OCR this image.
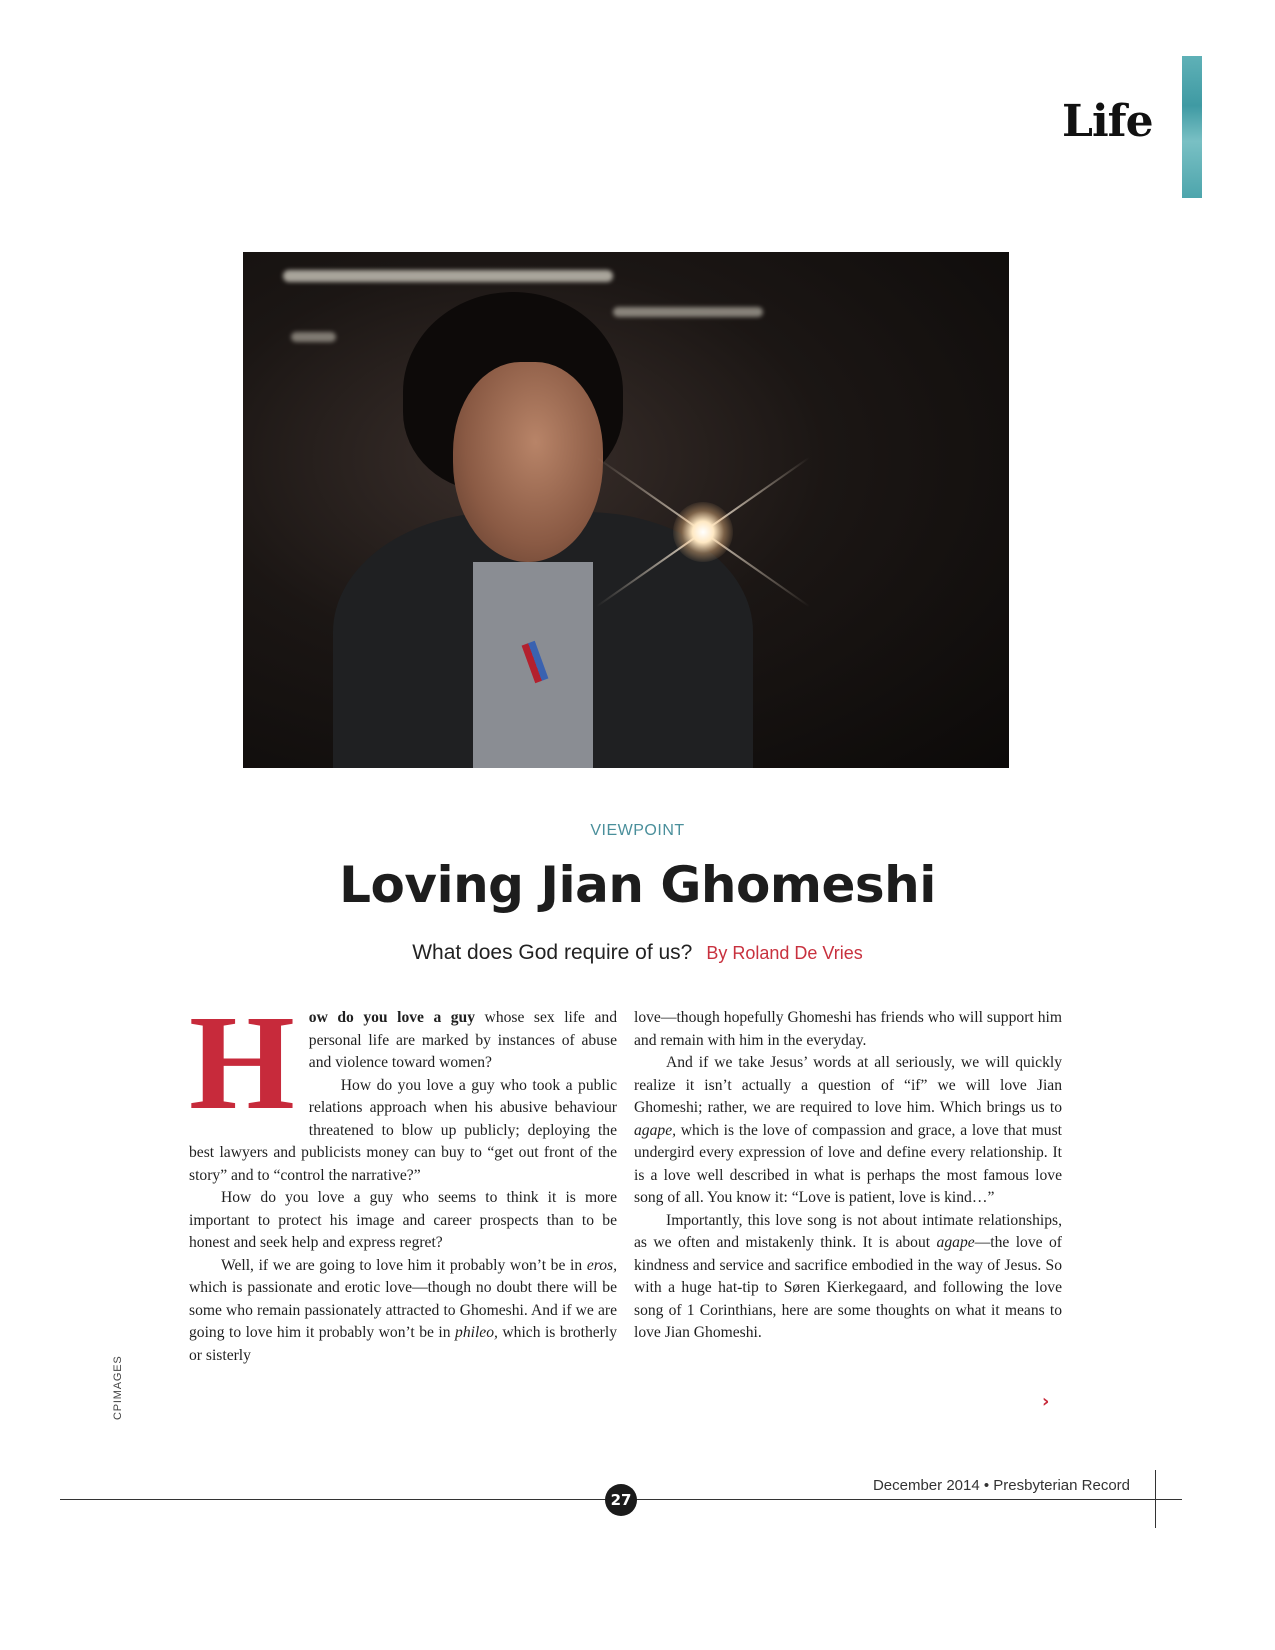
Life
VIEWPOINT
Loving Jian Ghomeshi
What does God require of us? By Roland De Vries

How do you love a guy whose sex life and personal life are marked by instances of abuse and violence toward women?

How do you love a guy who took a public relations approach when his abusive behaviour threatened to blow up publicly; deploying the best lawyers and publicists money can buy to “get out front of the story” and to “control the narrative?”

How do you love a guy who seems to think it is more important to protect his image and career prospects than to be honest and seek help and express regret?

Well, if we are going to love him it probably won’t be in eros, which is passionate and erotic love—though no doubt there will be some who remain passionately attracted to Ghomeshi. And if we are going to love him it probably won’t be in phileo, which is brotherly or sisterly

love—though hopefully Ghomeshi has friends who will support him and remain with him in the everyday.

And if we take Jesus’ words at all seriously, we will quickly realize it isn’t actually a question of “if” we will love Jian Ghomeshi; rather, we are required to love him. Which brings us to agape, which is the love of compassion and grace, a love that must undergird every expression of love and define every relationship. It is a love well described in what is perhaps the most famous love song of all. You know it: “Love is patient, love is kind…”

Importantly, this love song is not about intimate relationships, as we often and mistakenly think. It is about agape—the love of kindness and service and sacrifice embodied in the way of Jesus. So with a huge hat-tip to Søren Kierkegaard, and following the love song of 1 Corinthians, here are some thoughts on what it means to love Jian Ghomeshi.

›
CPIMAGES
27
December 2014 • Presbyterian Record
